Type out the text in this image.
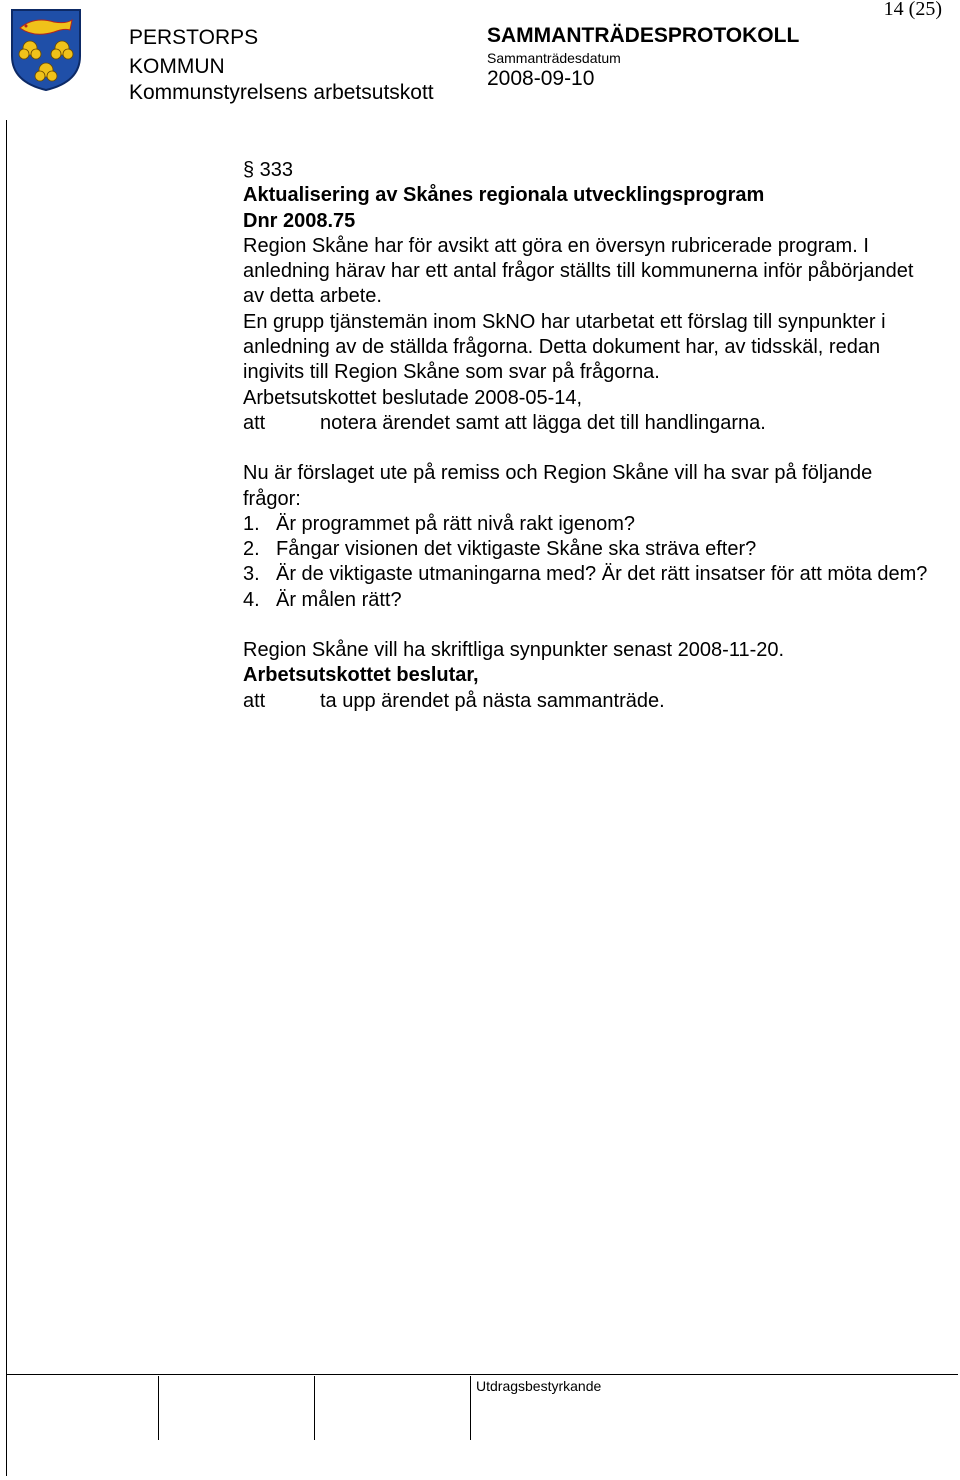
PERSTORPS
KOMMUN
Kommunstyrelsens arbetsutskott
SAMMANTRÄDESPROTOKOLL
Sammanträdesdatum
2008-09-10
14 (25)

§ 333

Aktualisering av Skånes regionala utvecklingsprogram

Dnr 2008.75

Region Skåne har för avsikt att göra en översyn rubricerade program. I anledning härav har ett antal frågor ställts till kommunerna inför påbörjandet av detta arbete.

En grupp tjänstemän inom SkNO har utarbetat ett förslag till synpunkter i anledning av de ställda frågorna. Detta dokument har, av tidsskäl, redan ingivits till Region Skåne som svar på frågorna.

Arbetsutskottet beslutade 2008-05-14,

att	notera ärendet samt att lägga det till handlingarna.

Nu är förslaget ute på remiss och Region Skåne vill ha svar på följande frågor:

1. Är programmet på rätt nivå rakt igenom?
2. Fångar visionen det viktigaste Skåne ska sträva efter?
3. Är de viktigaste utmaningarna med? Är det rätt insatser för att möta dem?
4. Är målen rätt?

Region Skåne vill ha skriftliga synpunkter senast 2008-11-20.

Arbetsutskottet beslutar,

att	ta upp ärendet på nästa sammanträde.
Utdragsbestyrkande
